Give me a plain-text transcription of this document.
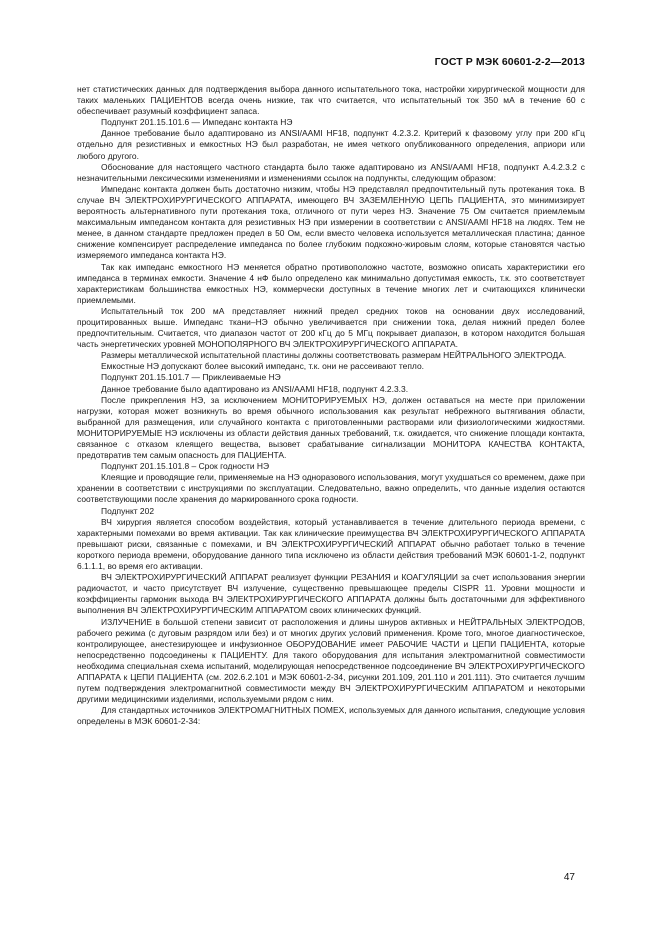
ГОСТ Р МЭК 60601-2-2—2013

нет статистических данных для подтверждения выбора данного испытательного тока, настройки хирургической мощности для таких маленьких ПАЦИЕНТОВ всегда очень низкие, так что считается, что испытательный ток 350 мА в течение 60 с обеспечивает разумный коэффициент запаса.

Подпункт 201.15.101.6 — Импеданс контакта НЭ

Данное требование было адаптировано из ANSI/AAMI HF18, подпункт 4.2.3.2. Критерий к фазовому углу при 200 кГц отдельно для резистивных и емкостных НЭ был разработан, не имея четкого опубликованного определения, априори или любого другого.

Обоснование для настоящего частного стандарта было также адаптировано из ANSI/AAMI HF18, подпункт А.4.2.3.2 с незначительными лексическими изменениями и изменениями ссылок на подпункты, следующим образом:

Импеданс контакта должен быть достаточно низким, чтобы НЭ представлял предпочтительный путь протекания тока. В случае ВЧ ЭЛЕКТРОХИРУРГИЧЕСКОГО АППАРАТА, имеющего ВЧ ЗАЗЕМЛЕННУЮ ЦЕПЬ ПАЦИЕНТА, это минимизирует вероятность альтернативного пути протекания тока, отличного от пути через НЭ. Значение 75 Ом считается приемлемым максимальным импедансом контакта для резистивных НЭ при измерении в соответствии с ANSI/AAMI HF18 на людях. Тем не менее, в данном стандарте предложен предел в 50 Ом, если вместо человека используется металлическая пластина; данное снижение компенсирует распределение импеданса по более глубоким подкожно-жировым слоям, которые становятся частью измеряемого импеданса контакта НЭ.

Так как импеданс емкостного НЭ меняется обратно противоположно частоте, возможно описать характеристики его импеданса в терминах емкости. Значение 4 нФ было определено как минимально допустимая емкость, т.к. это соответствует характеристикам большинства емкостных НЭ, коммерчески доступных в течение многих лет и считающихся клинически приемлемыми.

Испытательный ток 200 мА представляет нижний предел средних токов на основании двух исследований, процитированных выше. Импеданс ткани–НЭ обычно увеличивается при снижении тока, делая нижний предел более предпочтительным. Считается, что диапазон частот от 200 кГц до 5 МГц покрывает диапазон, в котором находится большая часть энергетических уровней МОНОПОЛЯРНОГО ВЧ ЭЛЕКТРОХИРУРГИЧЕСКОГО АППАРАТА.

Размеры металлической испытательной пластины должны соответствовать размерам НЕЙТРАЛЬНОГО ЭЛЕКТРОДА.

Емкостные НЭ допускают более высокий импеданс, т.к. они не рассеивают тепло.

Подпункт 201.15.101.7 — Приклеиваемые НЭ

Данное требование было адаптировано из ANSI/AAMI HF18, подпункт 4.2.3.3.

После прикрепления НЭ, за исключением МОНИТОРИРУЕМЫХ НЭ, должен оставаться на месте при приложении нагрузки, которая может возникнуть во время обычного использования как результат небрежного вытягивания области, выбранной для размещения, или случайного контакта с приготовленными растворами или физиологическими жидкостями. МОНИТОРИРУЕМЫЕ НЭ исключены из области действия данных требований, т.к. ожидается, что снижение площади контакта, связанное с отказом клеящего вещества, вызовет срабатывание сигнализации МОНИТОРА КАЧЕСТВА КОНТАКТА, предотвратив тем самым опасность для ПАЦИЕНТА.

Подпункт 201.15.101.8 – Срок годности НЭ

Клеящие и проводящие гели, применяемые на НЭ одноразового использования, могут ухудшаться со временем, даже при хранении в соответствии с инструкциями по эксплуатации. Следовательно, важно определить, что данные изделия остаются соответствующими после хранения до маркированного срока годности.

Подпункт 202

ВЧ хирургия является способом воздействия, который устанавливается в течение длительного периода времени, с характерными помехами во время активации. Так как клинические преимущества ВЧ ЭЛЕКТРОХИРУРГИЧЕСКОГО АППАРАТА превышают риски, связанные с помехами, и ВЧ ЭЛЕКТРОХИРУРГИЧЕСКИЙ АППАРАТ обычно работает только в течение короткого периода времени, оборудование данного типа исключено из области действия требований МЭК 60601-1-2, подпункт 6.1.1.1, во время его активации.

ВЧ ЭЛЕКТРОХИРУРГИЧЕСКИЙ АППАРАТ реализует функции РЕЗАНИЯ и КОАГУЛЯЦИИ за счет использования энергии радиочастот, и часто присутствует ВЧ излучение, существенно превышающее пределы CISPR 11. Уровни мощности и коэффициенты гармоник выхода ВЧ ЭЛЕКТРОХИРУРГИЧЕСКОГО АППАРАТА должны быть достаточными для эффективного выполнения ВЧ ЭЛЕКТРОХИРУРГИЧЕСКИМ АППАРАТОМ своих клинических функций.

ИЗЛУЧЕНИЕ в большой степени зависит от расположения и длины шнуров активных и НЕЙТРАЛЬНЫХ ЭЛЕКТРОДОВ, рабочего режима (с дуговым разрядом или без) и от многих других условий применения. Кроме того, многое диагностическое, контролирующее, анестезирующее и инфузионное ОБОРУДОВАНИЕ имеет РАБОЧИЕ ЧАСТИ и ЦЕПИ ПАЦИЕНТА, которые непосредственно подсоединены к ПАЦИЕНТУ. Для такого оборудования для испытания электромагнитной совместимости необходима специальная схема испытаний, моделирующая непосредственное подсоединение ВЧ ЭЛЕКТРОХИРУРГИЧЕСКОГО АППАРАТА к ЦЕПИ ПАЦИЕНТА (см. 202.6.2.101 и МЭК 60601-2-34, рисунки 201.109, 201.110 и 201.111). Это считается лучшим путем подтверждения электромагнитной совместимости между ВЧ ЭЛЕКТРОХИРУРГИЧЕСКИМ АППАРАТОМ и некоторыми другими медицинскими изделиями, используемыми рядом с ним.

Для стандартных источников ЭЛЕКТРОМАГНИТНЫХ ПОМЕХ, используемых для данного испытания, следующие условия определены в МЭК 60601-2-34:

47
